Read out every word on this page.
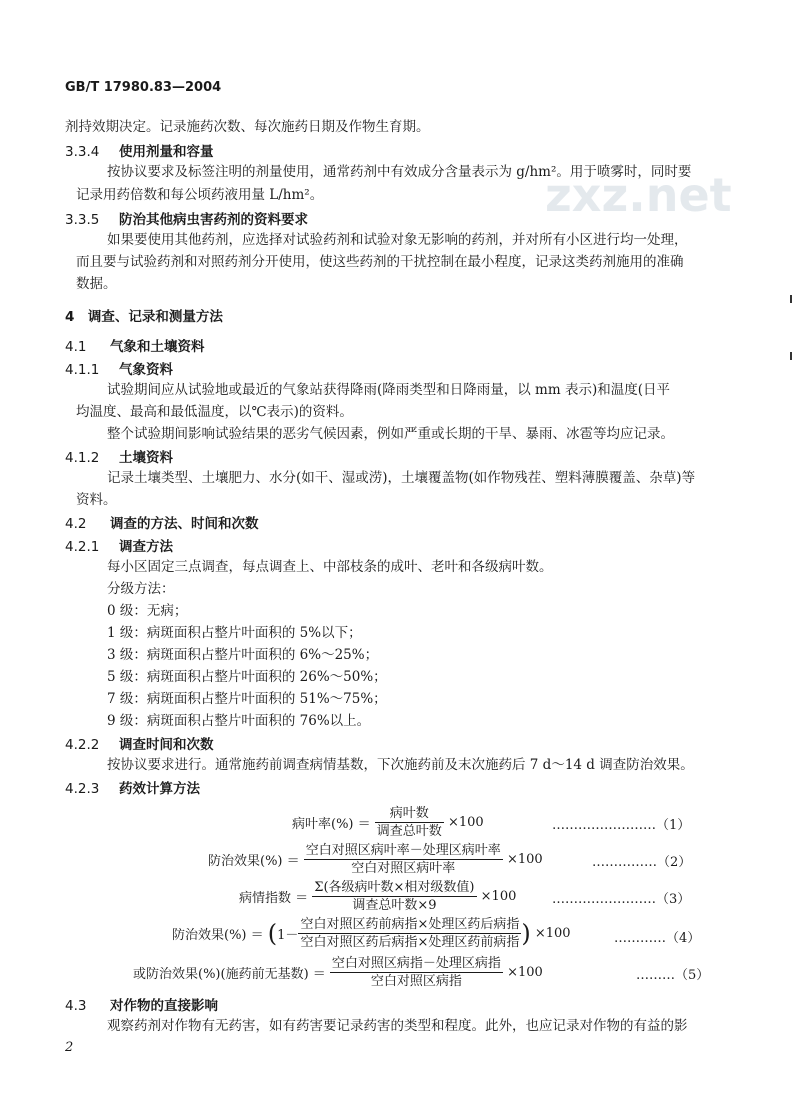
GB/T 17980.83—2004
zxz.net
剂持效期决定。记录施药次数、每次施药日期及作物生育期。
3.3.4 使用剂量和容量
按协议要求及标签注明的剂量使用，通常药剂中有效成分含量表示为 g/hm²。用于喷雾时，同时要
记录用药倍数和每公顷药液用量 L/hm²。
3.3.5 防治其他病虫害药剂的资料要求
如果要使用其他药剂，应选择对试验药剂和试验对象无影响的药剂，并对所有小区进行均一处理，
而且要与试验药剂和对照药剂分开使用，使这些药剂的干扰控制在最小程度，记录这类药剂施用的准确
数据。
4　调查、记录和测量方法
4.1 气象和土壤资料
4.1.1 气象资料
试验期间应从试验地或最近的气象站获得降雨(降雨类型和日降雨量，以 mm 表示)和温度(日平
均温度、最高和最低温度，以℃表示)的资料。
整个试验期间影响试验结果的恶劣气候因素，例如严重或长期的干旱、暴雨、冰雹等均应记录。
4.1.2 土壤资料
记录土壤类型、土壤肥力、水分(如干、湿或涝)，土壤覆盖物(如作物残茬、塑料薄膜覆盖、杂草)等
资料。
4.2 调查的方法、时间和次数
4.2.1 调查方法
每小区固定三点调查，每点调查上、中部枝条的成叶、老叶和各级病叶数。
分级方法：
0 级：无病；
1 级：病斑面积占整片叶面积的 5%以下；
3 级：病斑面积占整片叶面积的 6%～25%；
5 级：病斑面积占整片叶面积的 26%～50%；
7 级：病斑面积占整片叶面积的 51%～75%；
9 级：病斑面积占整片叶面积的 76%以上。
4.2.2 调查时间和次数
按协议要求进行。通常施药前调查病情基数，下次施药前及末次施药后 7 d～14 d 调查防治效果。
4.2.3 药效计算方法
病叶率(%) ＝ $\frac{\text{病叶数}}{\text{调查总叶数}} \times 100$	……………………（1）
防治效果(%) ＝ $\frac{\text{空白对照区病叶率－处理区病叶率}}{\text{空白对照区病叶率}} \times 100$	……………（2）
病情指数 ＝ $\frac{\text{Σ(各级病叶数×相对级数值)}}{\text{调查总叶数×9}} \times 100$	……………………（3）
防治效果(%) ＝ ($1- \frac{\text{空白对照区药前病指×处理区药后病指}}{\text{空白对照区药后病指×处理区药前病指}}$ ) ×100	…………（4）
或防治效果(%)(施药前无基数) ＝ $\frac{\text{空白对照区病指－处理区病指}}{\text{空白对照区病指}} \times 100$	………（5）
4.3 对作物的直接影响
观察药剂对作物有无药害，如有药害要记录药害的类型和程度。此外，也应记录对作物的有益的影
2
